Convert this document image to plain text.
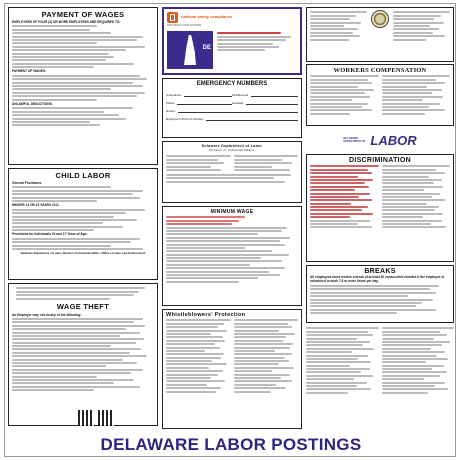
PAYMENT OF WAGES
EMPLOYERS OF FOUR (4) OR MORE EMPLOYEES ARE REQUIRED TO:
PAYMENT OF WAGES:
UNLAWFUL DEDUCTIONS:
CHILD LABOR
General Provisions:
MINORS 14 OR 15 YEARS OLD
Provisions for Individuals 16 and 17 Years of Age:
Delaware Department of Labor, Division of Industrial Affairs, Office of Labor Law Enforcement
WAGE THEFT
An Employer may not do any of the following:
national safety compliance
HIGH RESOLUTION POSTERS
DE
EMERGENCY NUMBERS
Ambulance:	Fire/Rescue:
Police:	Hospital:
Doctor:
Employer's Point of Contact:
Delaware Department of Labor
Division of Industrial Affairs
MINIMUM WAGE
Whistleblowers' Protection
WORKERS COMPENSATION
DELAWARE DEPARTMENT OF LABOR
DISCRIMINATION
BREAKS
All employees must receive a break of at least 30 consecutive minutes if the employee is scheduled to work 7.5 or more hours per day.
DELAWARE LABOR POSTINGS
